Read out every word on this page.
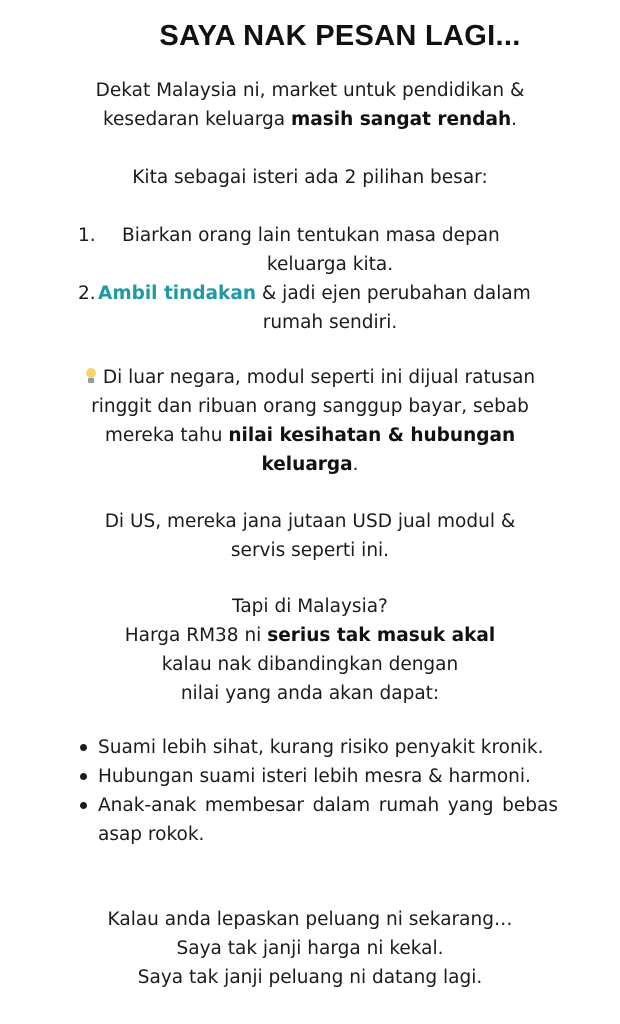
SAYA NAK PESAN LAGI...
Dekat Malaysia ni, market untuk pendidikan &
kesedaran keluarga masih sangat rendah.
Kita sebagai isteri ada 2 pilihan besar:
1.	Biarkan orang lain tentukan masa depan
keluarga kita.
2. Ambil tindakan & jadi ejen perubahan dalam
rumah sendiri.
Di luar negara, modul seperti ini dijual ratusan
ringgit dan ribuan orang sanggup bayar, sebab
mereka tahu nilai kesihatan & hubungan
keluarga.
Di US, mereka jana jutaan USD jual modul &
servis seperti ini.
Tapi di Malaysia?
Harga RM38 ni serius tak masuk akal
kalau nak dibandingkan dengan
nilai yang anda akan dapat:
Suami lebih sihat, kurang risiko penyakit kronik.
Hubungan suami isteri lebih mesra & harmoni.
Anak-anak membesar dalam rumah yang bebas asap rokok.
Kalau anda lepaskan peluang ni sekarang…
Saya tak janji harga ni kekal.
Saya tak janji peluang ni datang lagi.
